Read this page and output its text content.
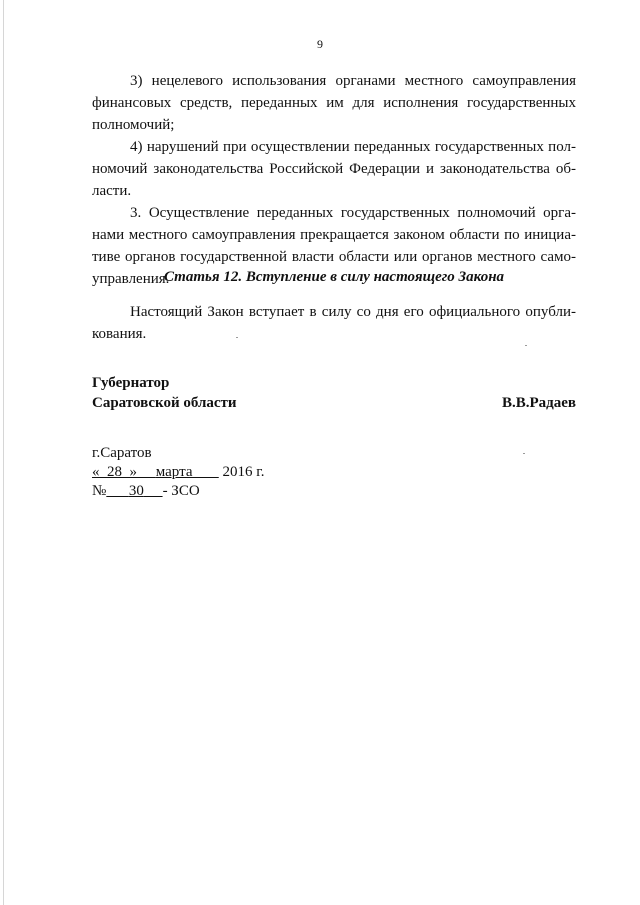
9

3) нецелевого использования органами местного самоуправления финансовых средств, переданных им для исполнения государственных полномочий;

4) нарушений при осуществлении переданных государственных пол-номочий законодательства Российской Федерации и законодательства об-ласти.

3. Осуществление переданных государственных полномочий орга-нами местного самоуправления прекращается законом области по инициа-тиве органов государственной власти области или органов местного само-управления.

Статья 12. Вступление в силу настоящего Закона

Настоящий Закон вступает в силу со дня его официального опубли-кования.

Губернатор
Саратовской области	В.В.Радаев
г.Саратов
« 28 » марта 2016 г.
№ 30 - ЗСО
